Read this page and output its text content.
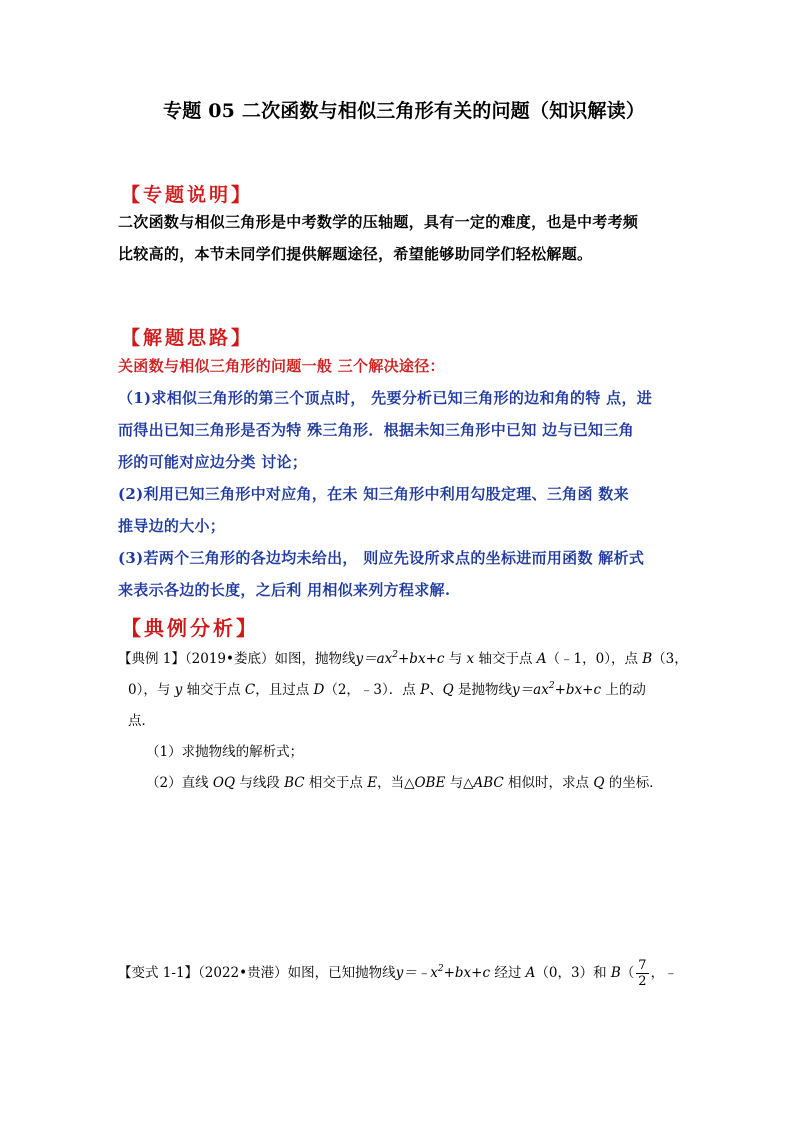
专题 05 二次函数与相似三角形有关的问题（知识解读）
【专题说明】
二次函数与相似三角形是中考数学的压轴题，具有一定的难度，也是中考考频
比较高的，本节未同学们提供解题途径，希望能够助同学们轻松解题。
【解题思路】
关函数与相似三角形的问题一般 三个解决途径：
（1)求相似三角形的第三个顶点时， 先要分析已知三角形的边和角的特 点，进
而得出已知三角形是否为特 殊三角形．根据未知三角形中已知 边与已知三角
形的可能对应边分类 讨论；
(2)利用已知三角形中对应角，在未 知三角形中利用勾股定理、三角函 数来
推导边的大小；
(3)若两个三角形的各边均未给出， 则应先设所求点的坐标进而用函数 解析式
来表示各边的长度，之后利 用相似来列方程求解.
【典例分析】
【典例 1】（2019•娄底）如图，抛物线$y=ax^2+bx+c$ 与 x 轴交于点 A（﹣1，0），点 B（3，
0），与 y 轴交于点 C，且过点 D（2，﹣3）．点 P、Q 是抛物线$y=ax^2+bx+c$ 上的动
点．
（1）求抛物线的解析式；
（2）直线 OQ 与线段 BC 相交于点 E，当△OBE 与△ABC 相似时，求点 Q 的坐标．
【变式 1-1】（2022•贵港）如图，已知抛物线$y=﹣x^2+bx+c$ 经过 A（0，3）和 $B( \frac{7}{2}$ ，﹣
